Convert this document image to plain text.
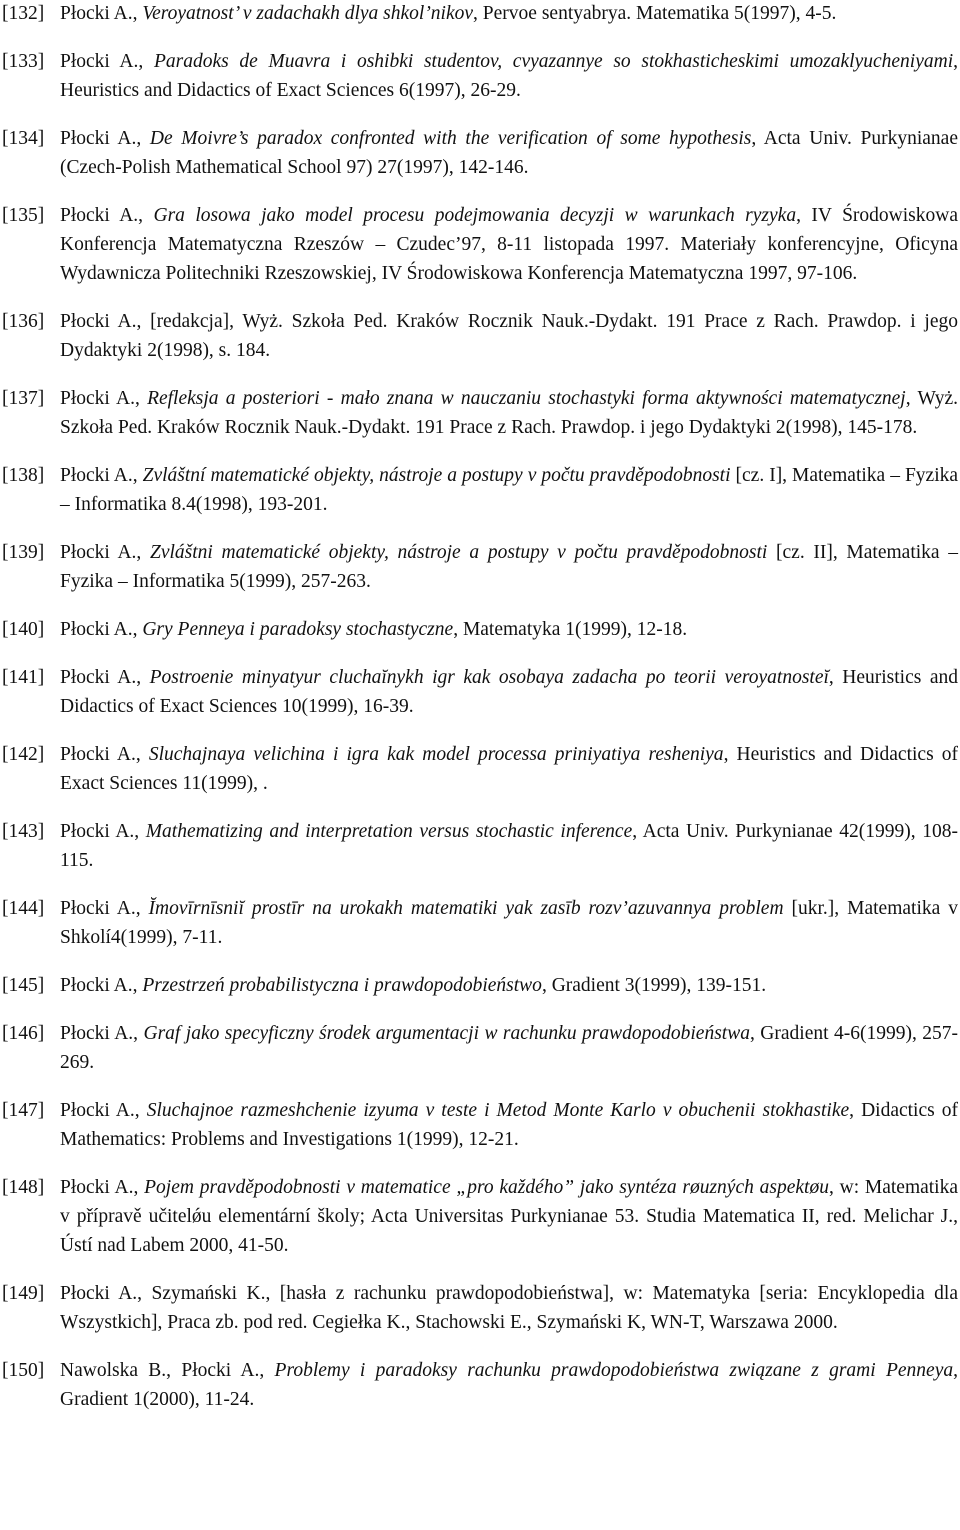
[132] Płocki A., Veroyatnost’ v zadachakh dlya shkol’nikov, Pervoe sentyabrya. Matematika 5(1997), 4-5.
[133] Płocki A., Paradoks de Muavra i oshibki studentov, cvyazannye so stokhasticheskimi umozaklyucheniyami, Heuristics and Didactics of Exact Sciences 6(1997), 26-29.
[134] Płocki A., De Moivre’s paradox confronted with the verification of some hypothesis, Acta Univ. Purkynianae (Czech-Polish Mathematical School 97) 27(1997), 142-146.
[135] Płocki A., Gra losowa jako model procesu podejmowania decyzji w warunkach ryzyka, IV Środowiskowa Konferencja Matematyczna Rzeszów – Czudec’97, 8-11 listopada 1997. Materiały konferencyjne, Oficyna Wydawnicza Politechniki Rzeszowskiej, IV Środowiskowa Konferencja Matematyczna 1997, 97-106.
[136] Płocki A., [redakcja], Wyż. Szkoła Ped. Kraków Rocznik Nauk.-Dydakt. 191 Prace z Rach. Prawdop. i jego Dydaktyki 2(1998), s. 184.
[137] Płocki A., Refleksja a posteriori - mało znana w nauczaniu stochastyki forma aktywności matematycznej, Wyż. Szkoła Ped. Kraków Rocznik Nauk.-Dydakt. 191 Prace z Rach. Prawdop. i jego Dydaktyki 2(1998), 145-178.
[138] Płocki A., Zvláštní matematické objekty, nástroje a postupy v počtu pravděpodobnosti [cz. I], Matematika – Fyzika – Informatika 8.4(1998), 193-201.
[139] Płocki A., Zvláštni matematické objekty, nástroje a postupy v počtu pravděpodobnosti [cz. II], Matematika – Fyzika – Informatika 5(1999), 257-263.
[140] Płocki A., Gry Penneya i paradoksy stochastyczne, Matematyka 1(1999), 12-18.
[141] Płocki A., Postroenie minyatyur cluchaĭnykh igr kak osobaya zadacha po teorii veroyatnosteĭ, Heuristics and Didactics of Exact Sciences 10(1999), 16-39.
[142] Płocki A., Sluchajnaya velichina i igra kak model processa priniyatiya resheniya, Heuristics and Didactics of Exact Sciences 11(1999), .
[143] Płocki A., Mathematizing and interpretation versus stochastic inference, Acta Univ. Purkynianae 42(1999), 108-115.
[144] Płocki A., Ĭmovīrnīsniĭ prostīr na urokakh matematiki yak zasīb rozv’azuvannya problem [ukr.], Matematika v Shkolí4(1999), 7-11.
[145] Płocki A., Przestrzeń probabilistyczna i prawdopodobieństwo, Gradient 3(1999), 139-151.
[146] Płocki A., Graf jako specyficzny środek argumentacji w rachunku prawdopodobieństwa, Gradient 4-6(1999), 257-269.
[147] Płocki A., Sluchajnoe razmeshchenie izyuma v teste i Metod Monte Karlo v obuchenii stokhastike, Didactics of Mathematics: Problems and Investigations 1(1999), 12-21.
[148] Płocki A., Pojem pravděpodobnosti v matematice „pro každého” jako syntéza røuzných aspektøu, w: Matematika v přípravě učitelǿu elementární školy; Acta Universitas Purkynianae 53. Studia Matematica II, red. Melichar J., Ústí nad Labem 2000, 41-50.
[149] Płocki A., Szymański K., [hasła z rachunku prawdopodobieństwa], w: Matematyka [seria: Encyklopedia dla Wszystkich], Praca zb. pod red. Cegiełka K., Stachowski E., Szymański K, WN-T, Warszawa 2000.
[150] Nawolska B., Płocki A., Problemy i paradoksy rachunku prawdopodobieństwa związane z grami Penneya, Gradient 1(2000), 11-24.
